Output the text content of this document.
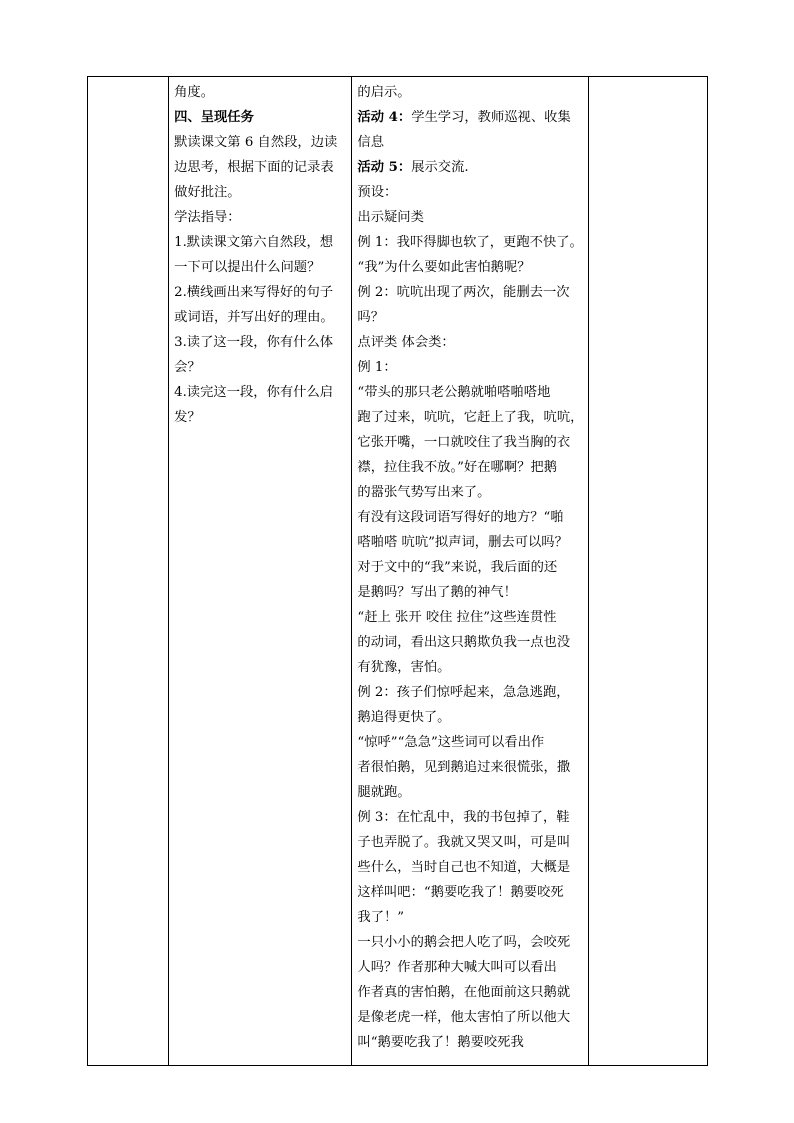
角度。
四、呈现任务
默读课文第 6 自然段，边读
边思考，根据下面的记录表
做好批注。
学法指导：
1.默读课文第六自然段，想
一下可以提出什么问题？
2.横线画出来写得好的句子
或词语，并写出好的理由。
3.读了这一段，你有什么体
会？
4.读完这一段，你有什么启
发？

的启示。
活动 4：学生学习，教师巡视、收集
信息
活动 5：展示交流.
预设：
出示疑问类
例 1：我吓得脚也软了，更跑不快了。
“我”为什么要如此害怕鹅呢？
例 2：吭吭出现了两次，能删去一次
吗？
点评类 体会类：
例 1：
“带头的那只老公鹅就啪嗒啪嗒地
跑了过来，吭吭，它赶上了我，吭吭，
它张开嘴，一口就咬住了我当胸的衣
襟，拉住我不放。”好在哪啊？把鹅
的嚣张气势写出来了。
有没有这段词语写得好的地方？“啪
嗒啪嗒 吭吭”拟声词，删去可以吗？
对于文中的“我”来说，我后面的还
是鹅吗？写出了鹅的神气！
“赶上 张开 咬住 拉住”这些连贯性
的动词，看出这只鹅欺负我一点也没
有犹豫，害怕。
例 2：孩子们惊呼起来，急急逃跑，
鹅追得更快了。
“惊呼”“急急”这些词可以看出作
者很怕鹅，见到鹅追过来很慌张，撒
腿就跑。
例 3：在忙乱中，我的书包掉了，鞋
子也弄脱了。我就又哭又叫，可是叫
些什么，当时自己也不知道，大概是
这样叫吧：“鹅要吃我了！鹅要咬死
我了！”
一只小小的鹅会把人吃了吗，会咬死
人吗？作者那种大喊大叫可以看出
作者真的害怕鹅，在他面前这只鹅就
是像老虎一样，他太害怕了所以他大
叫“鹅要吃我了！鹅要咬死我
